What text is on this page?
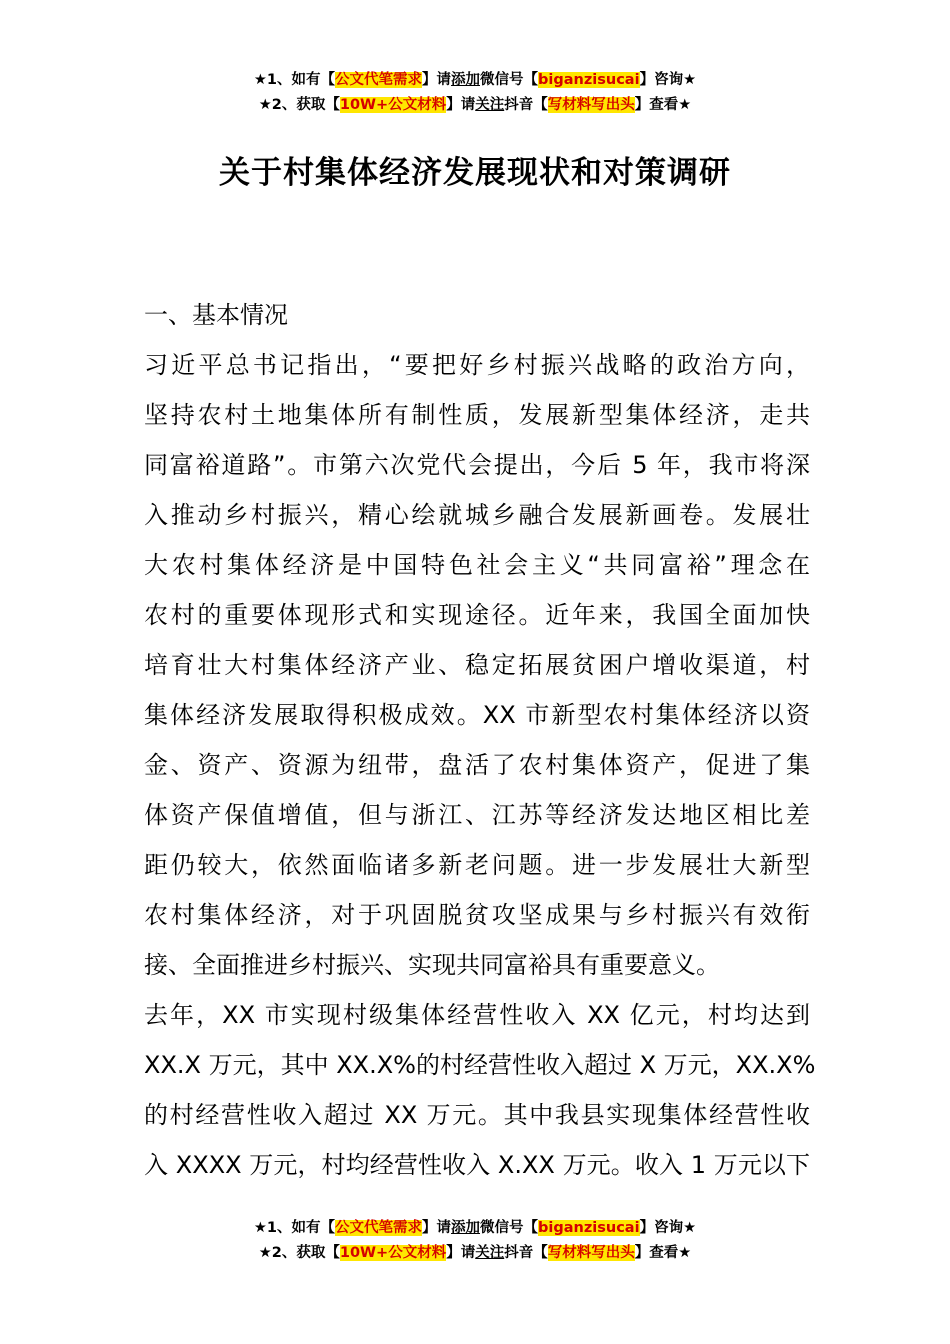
★1、如有【公文代笔需求】请添加微信号【biganzisucai】咨询★
★2、获取【10W+公文材料】请关注抖音【写材料写出头】查看★
关于村集体经济发展现状和对策调研
一、基本情况
习近平总书记指出，“要把好乡村振兴战略的政治方向，
坚持农村土地集体所有制性质，发展新型集体经济，走共
同富裕道路”。市第六次党代会提出，今后 5 年，我市将深
入推动乡村振兴，精心绘就城乡融合发展新画卷。发展壮
大农村集体经济是中国特色社会主义“共同富裕”理念在
农村的重要体现形式和实现途径。近年来，我国全面加快
培育壮大村集体经济产业、稳定拓展贫困户增收渠道，村
集体经济发展取得积极成效。XX 市新型农村集体经济以资
金、资产、资源为纽带，盘活了农村集体资产，促进了集
体资产保值增值，但与浙江、江苏等经济发达地区相比差
距仍较大，依然面临诸多新老问题。进一步发展壮大新型
农村集体经济，对于巩固脱贫攻坚成果与乡村振兴有效衔
接、全面推进乡村振兴、实现共同富裕具有重要意义。
去年，XX 市实现村级集体经营性收入 XX 亿元，村均达到
XX.X 万元，其中 XX.X%的村经营性收入超过 X 万元，XX.X%
的村经营性收入超过 XX 万元。其中我县实现集体经营性收
入 XXXX 万元，村均经营性收入 X.XX 万元。收入 1 万元以下
★1、如有【公文代笔需求】请添加微信号【biganzisucai】咨询★
★2、获取【10W+公文材料】请关注抖音【写材料写出头】查看★
